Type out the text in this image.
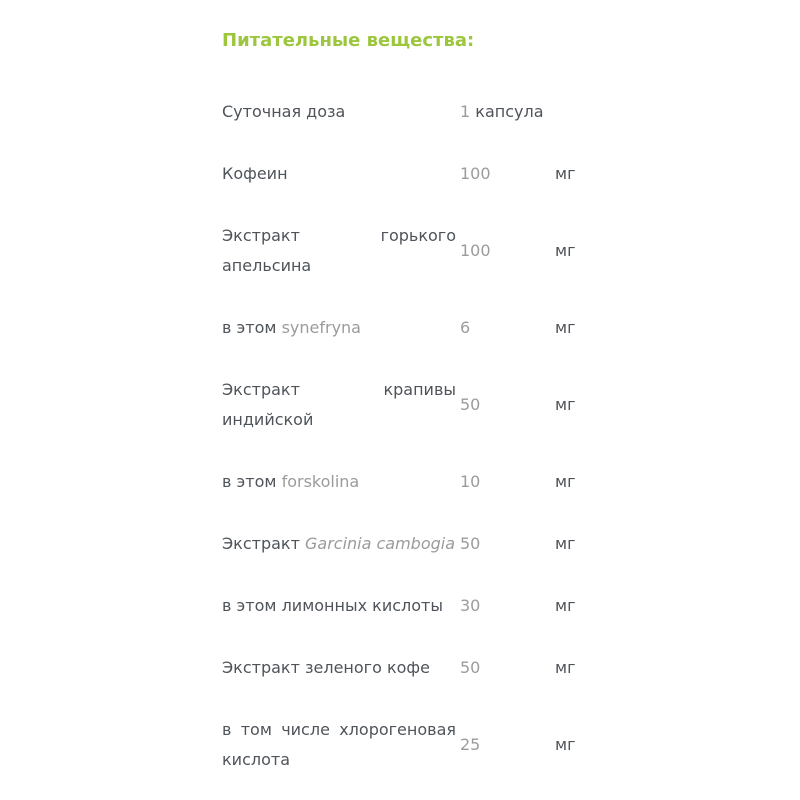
Питательные вещества:
Суточная доза	1 капсула	
Кофеин	100	мг

Экстракт горького
апельсина	100	мг
в этом synefryna	6	мг

Экстракт крапивы
индийской	50	мг
в этом forskolina	10	мг
Экстракт Garcinia cambogia	50	мг
в этом лимонных кислоты	30	мг
Экстракт зеленого кофе	50	мг

в том числе хлорогеновая
кислота	25	мг
